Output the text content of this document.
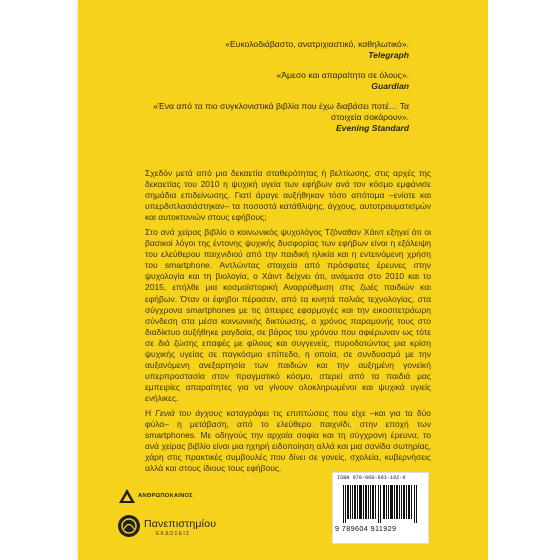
«Ευκολοδιάβαστο, ανατριχιαστικό, καθηλωτικό».

Telegraph

«Άμεσο και απαραίτητο σε όλους».

Guardian

«Ένα από τα πιο συγκλονιστικά βιβλία που έχω διαβάσει ποτέ… Τα στοιχεία σοκάρουν».

Evening Standard

Σχεδόν μετά από μια δεκαετία σταθερότητας ή βελτίωσης, στις αρχές της δεκαετίας του 2010 η ψυχική υγεία των εφήβων ανά τον κόσμο εμφάνισε σημάδια επιδείνωσης. Γιατί άραγε αυξήθηκαν τόσο απότομα –ενίοτε και υπερδιπλασιάστηκαν– τα ποσοστά κατάθλιψης, άγχους, αυτοτραυματισμών και αυτοκτονιών στους εφήβους;

Στο ανά χείρας βιβλίο ο κοινωνικός ψυχολόγος Τζόναθαν Χάιντ εξηγεί ότι οι βασικοί λόγοι της έντονης ψυχικής δυσφορίας των εφήβων είναι η εξάλειψη του ελεύθερου παιχνιδιού από την παιδική ηλικία και η εντεινόμενη χρήση του smartphone. Αντλώντας στοιχεία από πρόσφατες έρευνες στην ψυχολογία και τη βιολογία, ο Χάιντ δείχνει ότι, ανάμεσα στο 2010 και το 2015, επήλθε μια κοσμοϊστορική Αναρρύθμιση στις ζωές παιδιών και εφήβων. Όταν οι έφηβοι πέρασαν, από τα κινητά παλιάς τεχνολογίας, στα σύγχρονα smartphones με τις άπειρες εφαρμογές και την εικοσιτετράωρη σύνδεση στα μέσα κοινωνικής δικτύωσης, ο χρόνος παραμονής τους στο διαδίκτυο αυξήθηκε ραγδαία, σε βάρος του χρόνου που αφιέρωναν ως τότε σε διά ζώσης επαφές με φίλους και συγγενείς, πυροδοτώντας μια κρίση ψυχικής υγείας σε παγκόσμιο επίπεδο, η οποία, σε συνδυασμό με την αυξανόμενη ανεξαρτησία των παιδιών και την αυξημένη γονεϊκή υπερπροστασία στον πραγματικό κόσμο, στερεί από τα παιδιά μας εμπειρίες απαραίτητες για να γίνουν ολοκληρωμένοι και ψυχικά υγιείς ενήλικες.

Η Γενιά του άγχους καταγράφει τις επιπτώσεις που είχε –και για τα δύο φύλα– η μετάβαση, από το ελεύθερο παιχνίδι, στην εποχή των smartphones. Με οδηγούς την αρχαία σοφία και τη σύγχρονη έρευνα, το ανά χείρας βιβλίο είναι μια ηχηρή ειδοποίηση αλλά και μια σανίδα σωτηρίας, χάρη στις πρακτικές συμβουλές που δίνει σε γονείς, σχολεία, κυβερνήσεις αλλά και στους ίδιους τους εφήβους.

ΑΝΘΡΩΠΟΚΑΙΝΟΣ
Πανεπιστημίου
ΕΚΔΟΣΕΙΣ
ISBN 978-960-691-192-9
9 789604 911929
